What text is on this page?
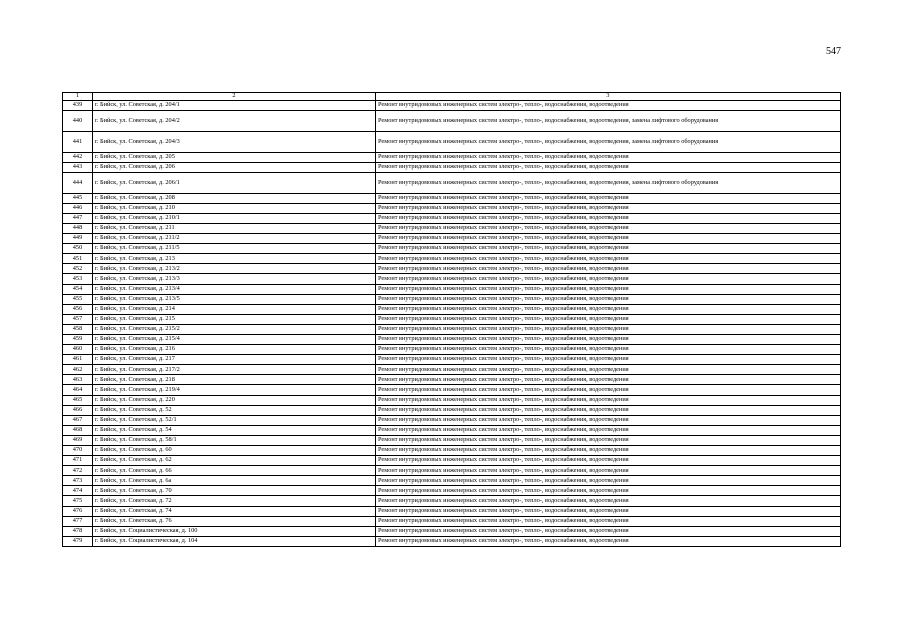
547
1	2	3
439	г. Бийск, ул. Советская, д. 204/1	Ремонт внутридомовых инженерных систем электро-, тепло-, водоснабжения, водоотведения
440	г. Бийск, ул. Советская, д. 204/2	Ремонт внутридомовых инженерных систем электро-, тепло-, водоснабжения, водоотведения, замена лифтового оборудования
441	г. Бийск, ул. Советская, д. 204/3	Ремонт внутридомовых инженерных систем электро-, тепло-, водоснабжения, водоотведения, замена лифтового оборудования
442	г. Бийск, ул. Советская, д. 205	Ремонт внутридомовых инженерных систем электро-, тепло-, водоснабжения, водоотведения
443	г. Бийск, ул. Советская, д. 206	Ремонт внутридомовых инженерных систем электро-, тепло-, водоснабжения, водоотведения
444	г. Бийск, ул. Советская, д. 206/1	Ремонт внутридомовых инженерных систем электро-, тепло-, водоснабжения, водоотведения, замена лифтового оборудования
445	г. Бийск, ул. Советская, д. 208	Ремонт внутридомовых инженерных систем электро-, тепло-, водоснабжения, водоотведения
446	г. Бийск, ул. Советская, д. 210	Ремонт внутридомовых инженерных систем электро-, тепло-, водоснабжения, водоотведения
447	г. Бийск, ул. Советская, д. 210/1	Ремонт внутридомовых инженерных систем электро-, тепло-, водоснабжения, водоотведения
448	г. Бийск, ул. Советская, д. 211	Ремонт внутридомовых инженерных систем электро-, тепло-, водоснабжения, водоотведения
449	г. Бийск, ул. Советская, д. 211/2	Ремонт внутридомовых инженерных систем электро-, тепло-, водоснабжения, водоотведения
450	г. Бийск, ул. Советская, д. 211/5	Ремонт внутридомовых инженерных систем электро-, тепло-, водоснабжения, водоотведения
451	г. Бийск, ул. Советская, д. 213	Ремонт внутридомовых инженерных систем электро-, тепло-, водоснабжения, водоотведения
452	г. Бийск, ул. Советская, д. 213/2	Ремонт внутридомовых инженерных систем электро-, тепло-, водоснабжения, водоотведения
453	г. Бийск, ул. Советская, д. 213/3	Ремонт внутридомовых инженерных систем электро-, тепло-, водоснабжения, водоотведения
454	г. Бийск, ул. Советская, д. 213/4	Ремонт внутридомовых инженерных систем электро-, тепло-, водоснабжения, водоотведения
455	г. Бийск, ул. Советская, д. 213/5	Ремонт внутридомовых инженерных систем электро-, тепло-, водоснабжения, водоотведения
456	г. Бийск, ул. Советская, д. 214	Ремонт внутридомовых инженерных систем электро-, тепло-, водоснабжения, водоотведения
457	г. Бийск, ул. Советская, д. 215	Ремонт внутридомовых инженерных систем электро-, тепло-, водоснабжения, водоотведения
458	г. Бийск, ул. Советская, д. 215/2	Ремонт внутридомовых инженерных систем электро-, тепло-, водоснабжения, водоотведения
459	г. Бийск, ул. Советская, д. 215/4	Ремонт внутридомовых инженерных систем электро-, тепло-, водоснабжения, водоотведения
460	г. Бийск, ул. Советская, д. 216	Ремонт внутридомовых инженерных систем электро-, тепло-, водоснабжения, водоотведения
461	г. Бийск, ул. Советская, д. 217	Ремонт внутридомовых инженерных систем электро-, тепло-, водоснабжения, водоотведения
462	г. Бийск, ул. Советская, д. 217/2	Ремонт внутридомовых инженерных систем электро-, тепло-, водоснабжения, водоотведения
463	г. Бийск, ул. Советская, д. 218	Ремонт внутридомовых инженерных систем электро-, тепло-, водоснабжения, водоотведения
464	г. Бийск, ул. Советская, д. 219/4	Ремонт внутридомовых инженерных систем электро-, тепло-, водоснабжения, водоотведения
465	г. Бийск, ул. Советская, д. 220	Ремонт внутридомовых инженерных систем электро-, тепло-, водоснабжения, водоотведения
466	г. Бийск, ул. Советская, д. 52	Ремонт внутридомовых инженерных систем электро-, тепло-, водоснабжения, водоотведения
467	г. Бийск, ул. Советская, д. 52/1	Ремонт внутридомовых инженерных систем электро-, тепло-, водоснабжения, водоотведения
468	г. Бийск, ул. Советская, д. 54	Ремонт внутридомовых инженерных систем электро-, тепло-, водоснабжения, водоотведения
469	г. Бийск, ул. Советская, д. 58/1	Ремонт внутридомовых инженерных систем электро-, тепло-, водоснабжения, водоотведения
470	г. Бийск, ул. Советская, д. 60	Ремонт внутридомовых инженерных систем электро-, тепло-, водоснабжения, водоотведения
471	г. Бийск, ул. Советская, д. 62	Ремонт внутридомовых инженерных систем электро-, тепло-, водоснабжения, водоотведения
472	г. Бийск, ул. Советская, д. 66	Ремонт внутридомовых инженерных систем электро-, тепло-, водоснабжения, водоотведения
473	г. Бийск, ул. Советская, д. 6а	Ремонт внутридомовых инженерных систем электро-, тепло-, водоснабжения, водоотведения
474	г. Бийск, ул. Советская, д. 70	Ремонт внутридомовых инженерных систем электро-, тепло-, водоснабжения, водоотведения
475	г. Бийск, ул. Советская, д. 72	Ремонт внутридомовых инженерных систем электро-, тепло-, водоснабжения, водоотведения
476	г. Бийск, ул. Советская, д. 74	Ремонт внутридомовых инженерных систем электро-, тепло-, водоснабжения, водоотведения
477	г. Бийск, ул. Советская, д. 76	Ремонт внутридомовых инженерных систем электро-, тепло-, водоснабжения, водоотведения
478	г. Бийск, ул. Социалистическая, д. 100	Ремонт внутридомовых инженерных систем электро-, тепло-, водоснабжения, водоотведения
479	г. Бийск, ул. Социалистическая, д. 104	Ремонт внутридомовых инженерных систем электро-, тепло-, водоснабжения, водоотведения
